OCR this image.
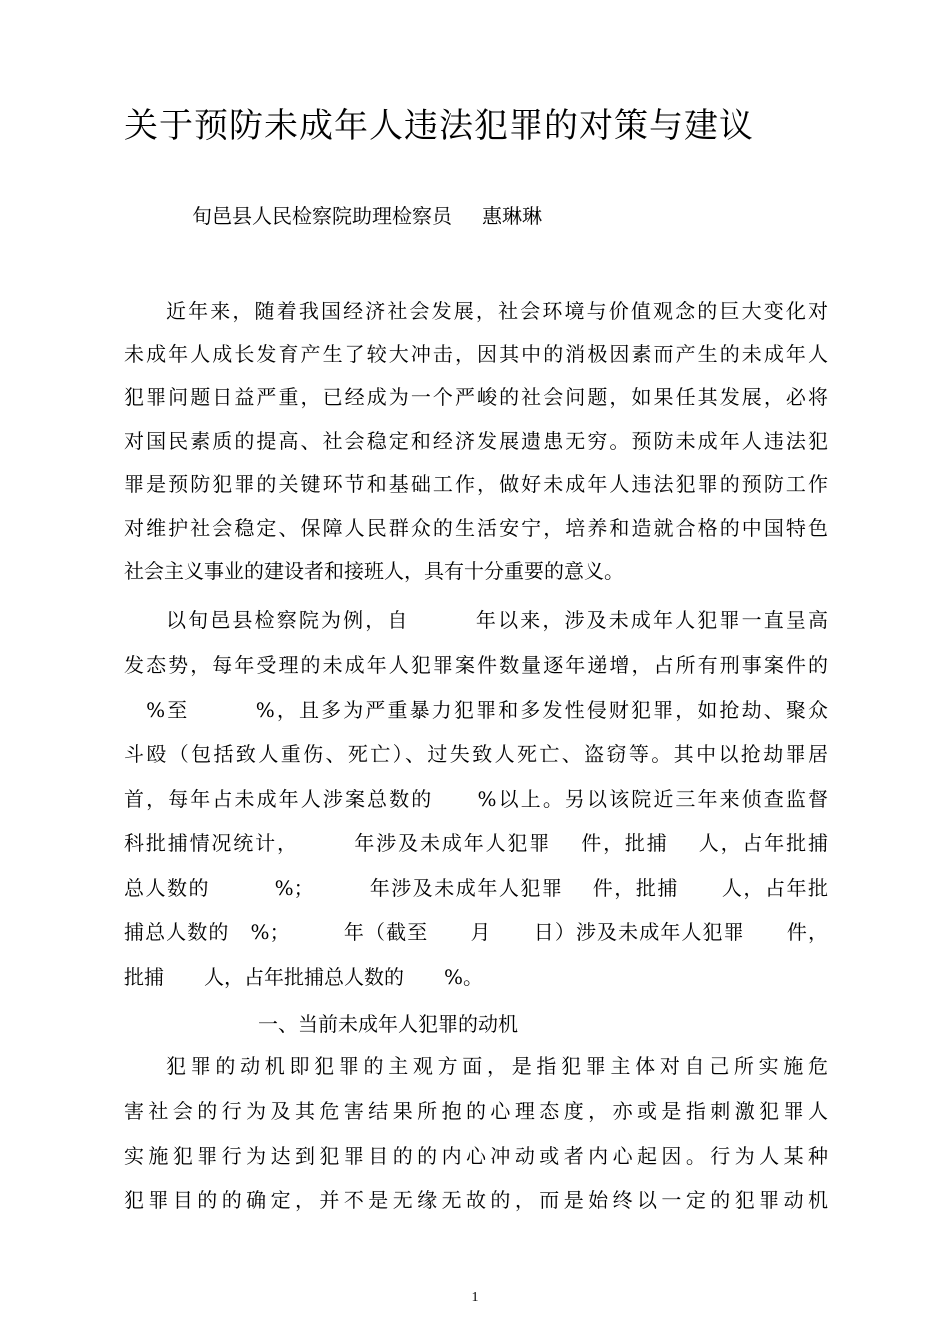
关于预防未成年人违法犯罪的对策与建议
旬邑县人民检察院助理检察员 惠琳琳
近年来，随着我国经济社会发展，社会环境与价值观念的巨大变化对
未成年人成长发育产生了较大冲击，因其中的消极因素而产生的未成年人
犯罪问题日益严重，已经成为一个严峻的社会问题，如果任其发展，必将
对国民素质的提高、社会稳定和经济发展遗患无穷。预防未成年人违法犯
罪是预防犯罪的关键环节和基础工作，做好未成年人违法犯罪的预防工作
对维护社会稳定、保障人民群众的生活安宁，培养和造就合格的中国特色
社会主义事业的建设者和接班人，具有十分重要的意义。
以旬邑县检察院为例，自　　　年以来，涉及未成年人犯罪一直呈高
发态势，每年受理的未成年人犯罪案件数量逐年递增，占所有刑事案件的
　%至　　　%，且多为严重暴力犯罪和多发性侵财犯罪，如抢劫、聚众
斗殴（包括致人重伤、死亡）、过失致人死亡、盗窃等。其中以抢劫罪居
首，每年占未成年人涉案总数的　　%以上。另以该院近三年来侦查监督
科批捕情况统计，　　　年涉及未成年人犯罪　 件，批捕　 人，占年批捕
总人数的　　　%；　　　年涉及未成年人犯罪　 件，批捕　　人，占年批
捕总人数的　%；　　　年（截至　　月　　日）涉及未成年人犯罪　　件，
批捕　　人，占年批捕总人数的　　%。
一、当前未成年人犯罪的动机
犯罪的动机即犯罪的主观方面，是指犯罪主体对自己所实施危
害社会的行为及其危害结果所抱的心理态度，亦或是指刺激犯罪人
实施犯罪行为达到犯罪目的的内心冲动或者内心起因。行为人某种
犯罪目的的确定，并不是无缘无故的，而是始终以一定的犯罪动机
1
